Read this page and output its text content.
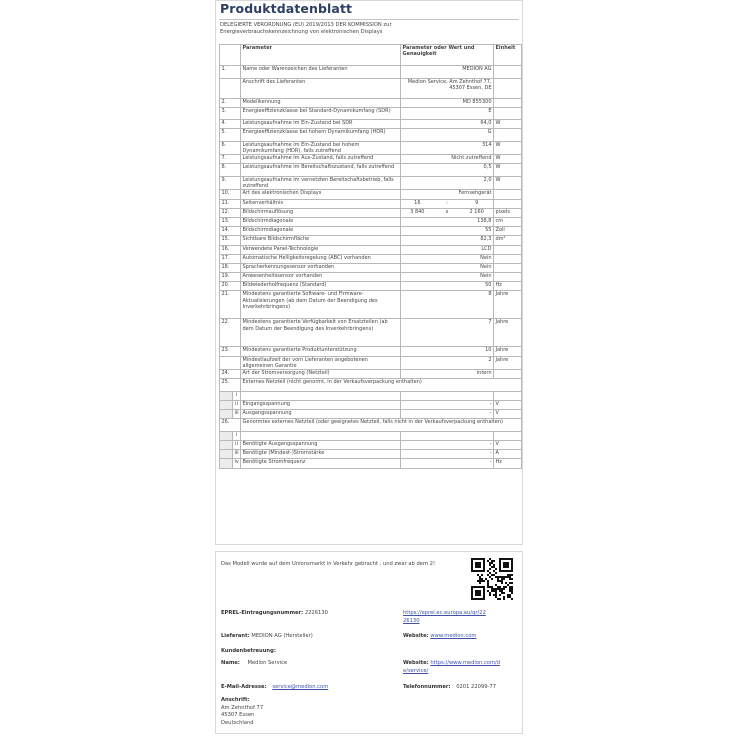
Produktdatenblatt
DELEGIERTE VERORDNUNG (EU) 2019/2013 DER KOMMISSION zur
Energieverbrauchskennzeichnung von elektronischen Displays
		Parameter	Parameter oder Wert und Genauigkeit	Einheit
1.		Name oder Warenzeichen des Lieferanten	MEDION AG	
		Anschrift des Lieferanten	Medion Service, Am Zehnthof 77, 45307 Essen, DE	
2.		Modellkennung	MD 855300	
3.		Energieeffizienzklasse bei Standard-Dynamikumfang (SDR)	E	
4.		Leistungsaufnahme im Ein-Zustand bei SDR	64,0	W
5.		Energieeffizienzklasse bei hohem Dynamikumfang (HDR)	G	
6.		Leistungsaufnahme im Ein-Zustand bei hohem Dynamikumfang (HDR), falls zutreffend	314	W
7.		Leistungsaufnahme im Aus-Zustand, falls zutreffend	Nicht zutreffend	W
8.		Leistungsaufnahme im Bereitschaftszustand, falls zutreffend	0,5	W
9.		Leistungsaufnahme im vernetzten Bereitschaftsbetrieb, falls zutreffend	2,0	W
10.		Art des elektronischen Displays	Fernsehgerät	
11.		Seitenverhältnis	16 : 9	

12.		Bildschirmauflösung	3 840 x 2 160	pixels
13.		Bildschirmdiagonale	138,8	cm
14.		Bildschirmdiagonale	55	Zoll
15.		Sichtbare Bildschirmfläche	82,3	dm²
16.		Verwendete Panel-Technologie	LCD	
17.		Automatische Helligkeitsregelung (ABC) vorhanden	Nein	
18.		Spracherkennungssensor vorhanden	Nein	
19.		Anwesenheitssensor vorhanden	Nein	
20.		Bildwiederholfrequenz (Standard)	50	Hz
21.		Mindestens garantierte Software- und Firmware-Aktualisierungen (ab dem Datum der Beendigung des Inverkehrbringens)	8	Jahre
22.		Mindestens garantierte Verfügbarkeit von Ersatzteilen (ab dem Datum der Beendigung des Inverkehrbringens)	7	Jahre
23.		Mindestens garantierte Produktunterstützung	10	Jahre
		Mindestlaufzeit der vom Lieferanten angebotenen allgemeinen Garantie	2	Jahre
24.		Art der Stromversorgung (Netzteil)	intern	
25.		Externes Netzteil (nicht genormt, in der Verkaufsverpackung enthalten)		
	i			
	ii	Eingangsspannung	-	V
	iii	Ausgangsspannung	-	V
26.		Genormtes externes Netzteil (oder geeignetes Netzteil, falls nicht in der Verkaufsverpackung enthalten)		
	i			
	ii	Benötigte Ausgangsspannung	-	V
	iii	Benötigte (Mindest-)Stromstärke	-	A
	iv	Benötigte Stromfrequenz	-	Hz
Das Modell wurde auf dem Unionsmarkt in Verkehr gebracht , und zwar ab dem 2!
EPREL-Eintragungsnummer: 2226130	https://eprel.ec.europa.eu/qr/22
26130
Lieferant: MEDION AG (Hersteller)	Website: www.medion.com
Kundenbetreuung:
Name: Medion Service	Website: https://www.medion.com/d
e/service/
E-Mail-Adresse: service@medion.com	Telefonnummer: 0201 22099-77
Anschrift:
Am Zehnthof 77
45307 Essen
Deutschland
